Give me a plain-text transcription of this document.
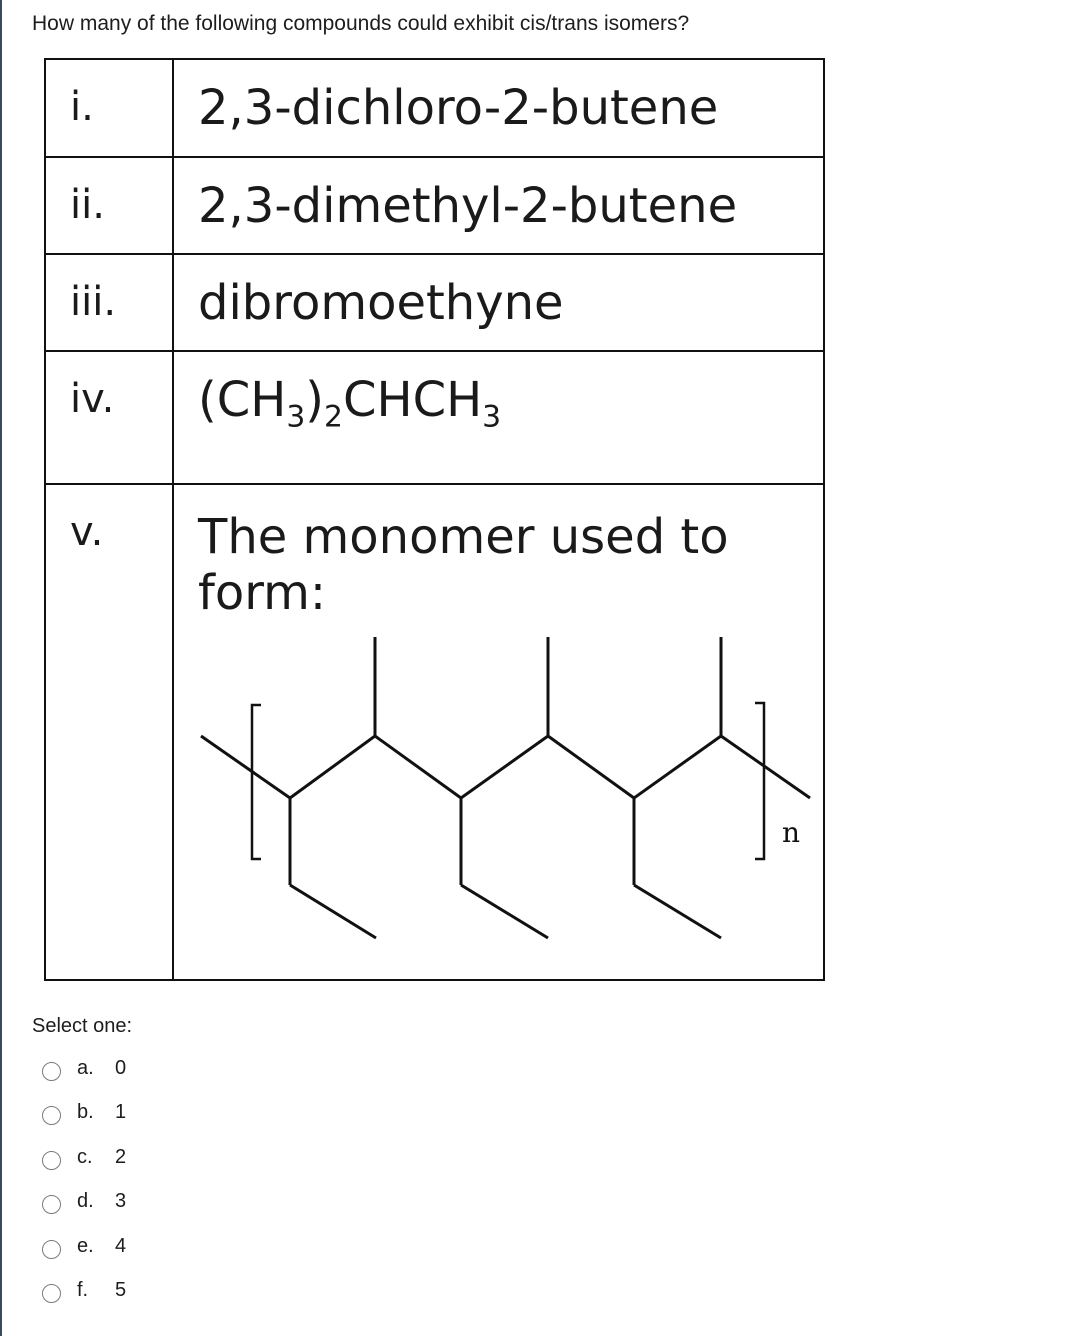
How many of the following compounds could exhibit cis/trans isomers?
i.	2,3-dichloro-2-butene
ii.	2,3-dimethyl-2-butene
iii.	dibromoethyne
iv.	$(CH_3)_2CHCH_3$
v.	The monomer used to form:
n
Select one:
a.	0
b.	1
c.	2
d.	3
e.	4
f.	5
